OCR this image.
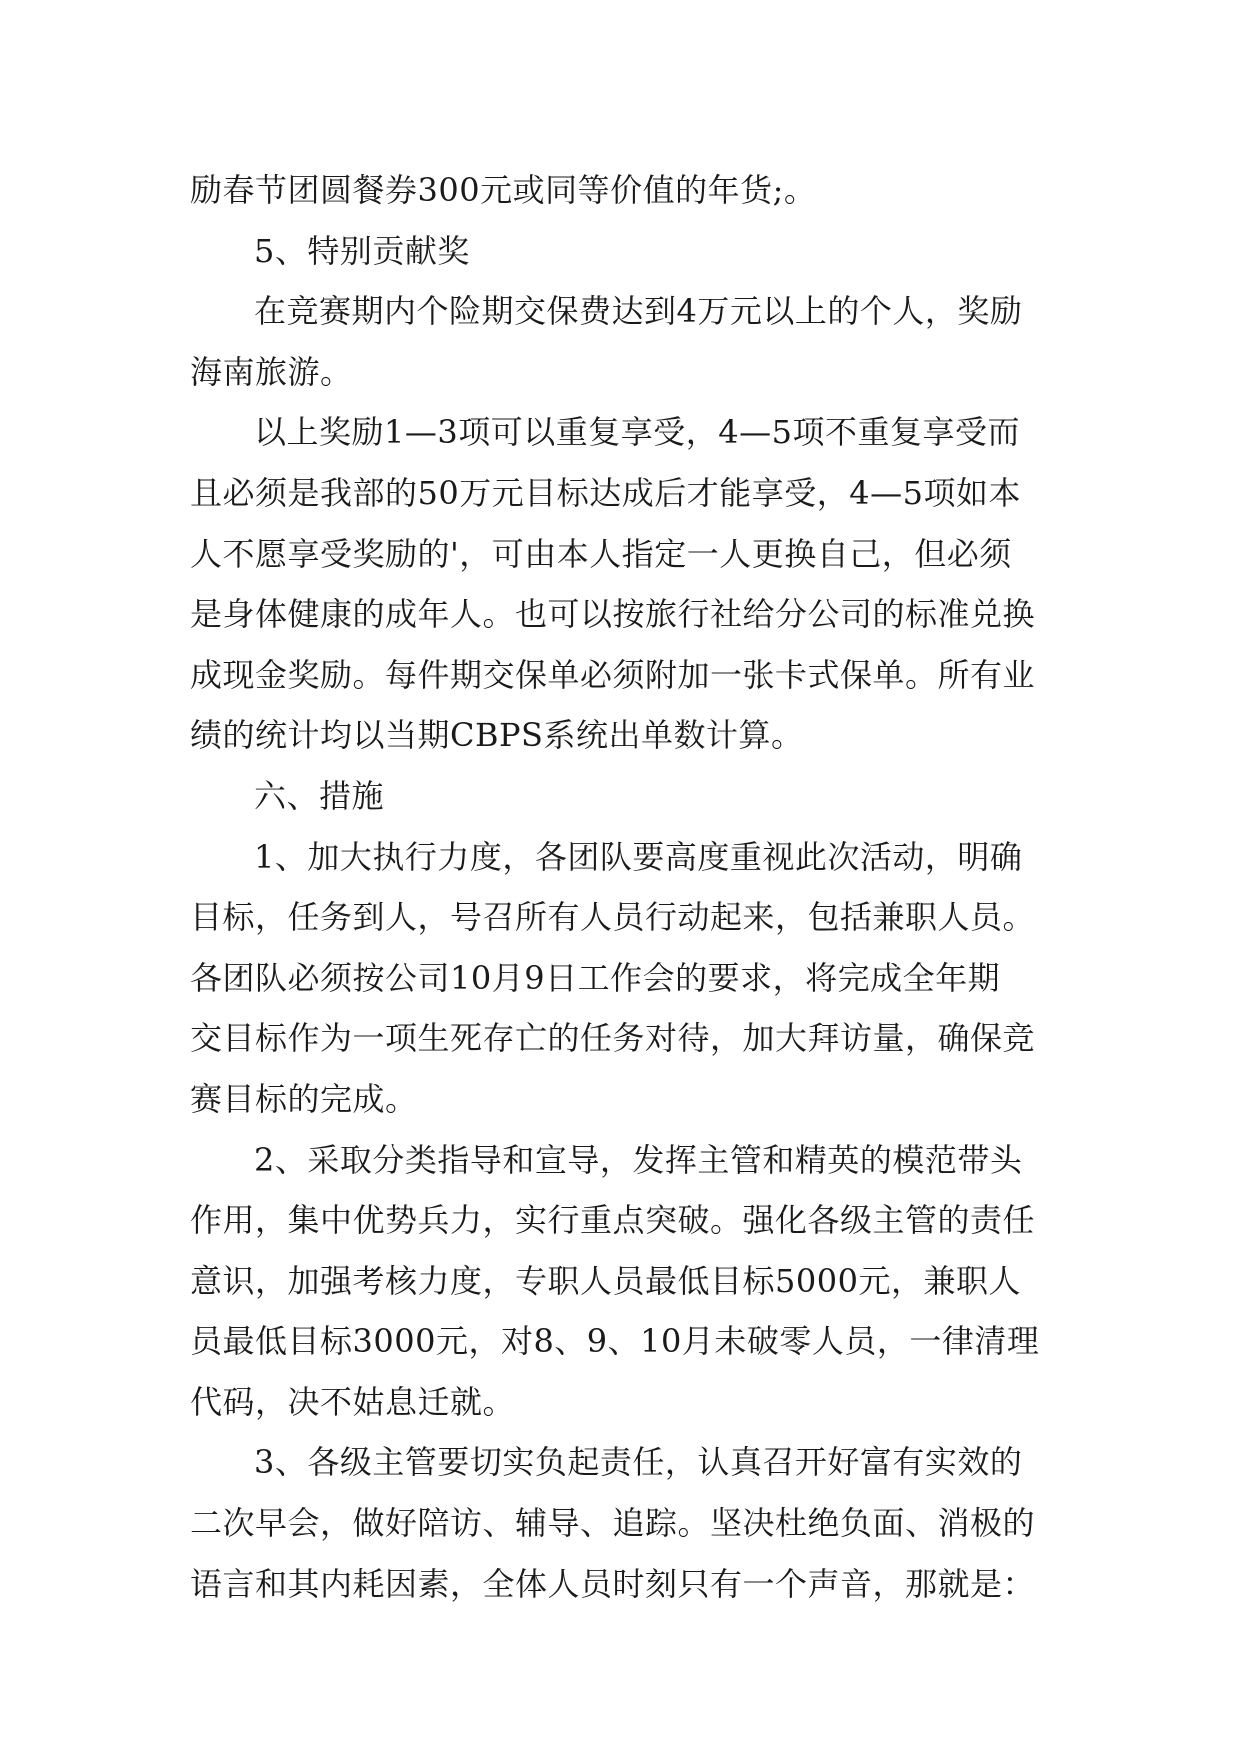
励春节团圆餐券300元或同等价值的年货;。
5、特别贡献奖
在竞赛期内个险期交保费达到4万元以上的个人，奖励
海南旅游。
以上奖励1—3项可以重复享受，4—5项不重复享受而
且必须是我部的50万元目标达成后才能享受，4—5项如本
人不愿享受奖励的'，可由本人指定一人更换自己，但必须
是身体健康的成年人。也可以按旅行社给分公司的标准兑换
成现金奖励。每件期交保单必须附加一张卡式保单。所有业
绩的统计均以当期CBPS系统出单数计算。
六、措施
1、加大执行力度，各团队要高度重视此次活动，明确
目标，任务到人，号召所有人员行动起来，包括兼职人员。
各团队必须按公司10月9日工作会的要求，将完成全年期
交目标作为一项生死存亡的任务对待，加大拜访量，确保竞
赛目标的完成。
2、采取分类指导和宣导，发挥主管和精英的模范带头
作用，集中优势兵力，实行重点突破。强化各级主管的责任
意识，加强考核力度，专职人员最低目标5000元，兼职人
员最低目标3000元，对8、9、10月未破零人员，一律清理
代码，决不姑息迁就。
3、各级主管要切实负起责任，认真召开好富有实效的
二次早会，做好陪访、辅导、追踪。坚决杜绝负面、消极的
语言和其内耗因素，全体人员时刻只有一个声音，那就是：
